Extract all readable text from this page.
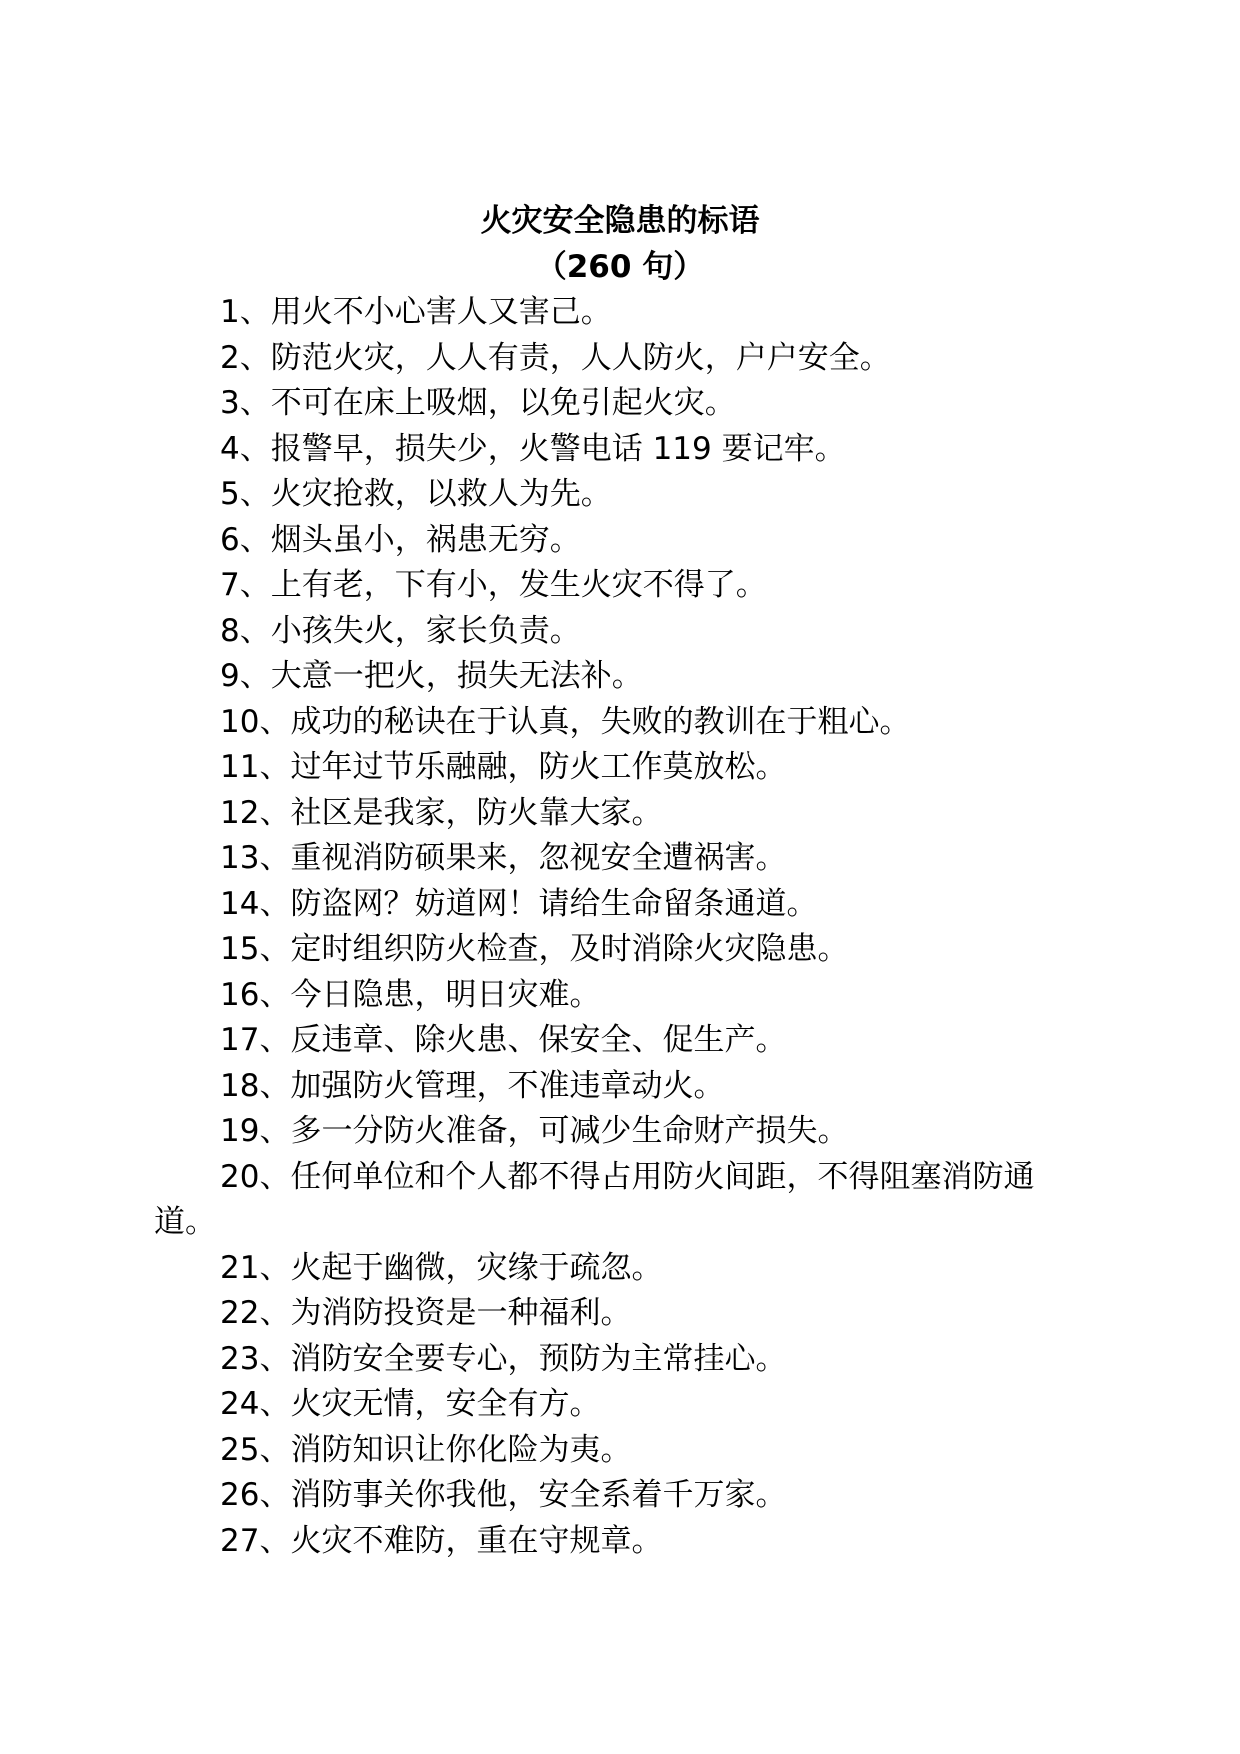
火灾安全隐患的标语
（260 句）

1、用火不小心害人又害己。

2、防范火灾，人人有责，人人防火，户户安全。

3、不可在床上吸烟，以免引起火灾。

4、报警早，损失少，火警电话 119 要记牢。

5、火灾抢救，以救人为先。

6、烟头虽小，祸患无穷。

7、上有老，下有小，发生火灾不得了。

8、小孩失火，家长负责。

9、大意一把火，损失无法补。

10、成功的秘诀在于认真，失败的教训在于粗心。

11、过年过节乐融融，防火工作莫放松。

12、社区是我家，防火靠大家。

13、重视消防硕果来，忽视安全遭祸害。

14、防盗网？妨道网！请给生命留条通道。

15、定时组织防火检查，及时消除火灾隐患。

16、今日隐患，明日灾难。

17、反违章、除火患、保安全、促生产。

18、加强防火管理，不准违章动火。

19、多一分防火准备，可减少生命财产损失。

20、任何单位和个人都不得占用防火间距，不得阻塞消防通道。

21、火起于幽微，灾缘于疏忽。

22、为消防投资是一种福利。

23、消防安全要专心，预防为主常挂心。

24、火灾无情，安全有方。

25、消防知识让你化险为夷。

26、消防事关你我他，安全系着千万家。

27、火灾不难防，重在守规章。
